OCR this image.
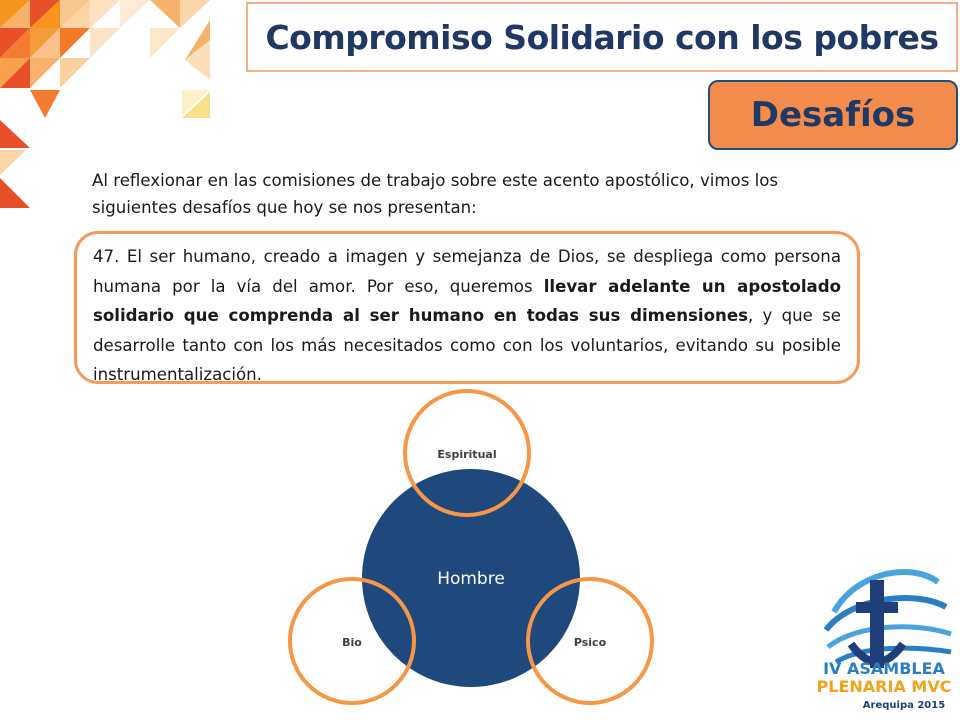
Compromiso Solidario con los pobres
Desafíos
Al reflexionar en las comisiones de trabajo sobre este acento apostólico, vimos los siguientes desafíos que hoy se nos presentan:

47. El ser humano, creado a imagen y semejanza de Dios, se despliega como persona humana por la vía del amor. Por eso, queremos llevar adelante un apostolado solidario que comprenda al ser humano en todas sus dimensiones, y que se desarrolle tanto con los más necesitados como con los voluntarios, evitando su posible instrumentalización.

Hombre
Espiritual
Bio	Psico
IV ASAMBLEA
PLENARIA MVC
Arequipa 2015
